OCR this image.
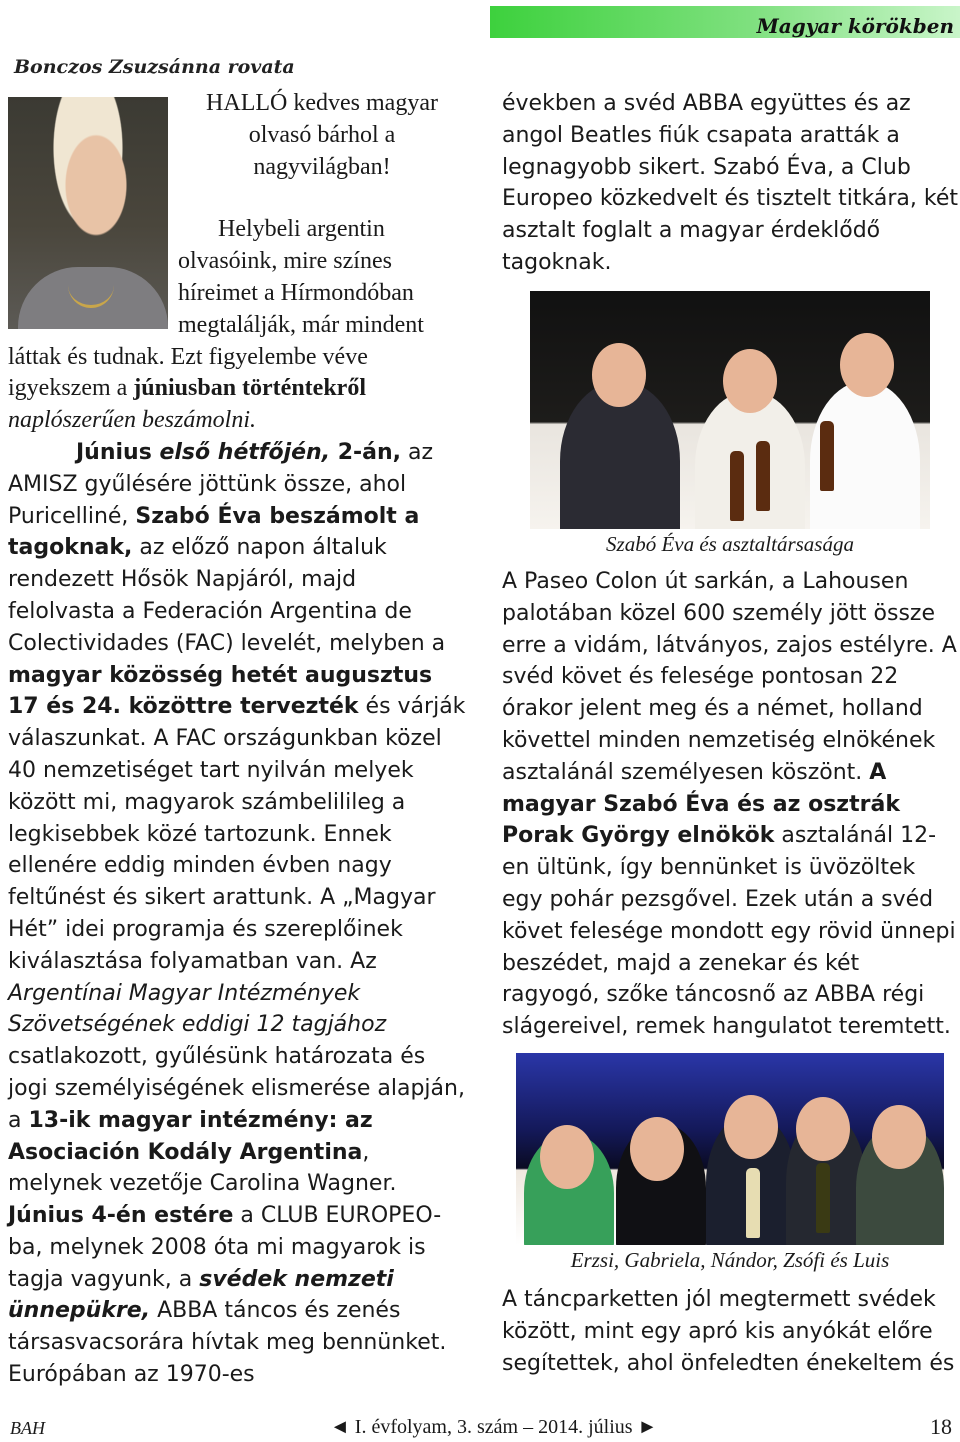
Magyar körökben
Bonczos Zsuzsánna rovata

HALLÓ kedves magyar olvasó bárhol a nagyvilágban!

Helybeli argentin olvasóink, mire színes híreimet a Hírmondóban megtalálják, már mindent láttak és tudnak. Ezt figyelembe véve igyekszem a júniusban történtekről naplószerűen beszámolni.

Június első hétfőjén, 2-án, az AMISZ gyűlésére jöttünk össze, ahol Puricelliné, Szabó Éva beszámolt a tagoknak, az előző napon általuk rendezett Hősök Napjáról, majd felolvasta a Federación Argentina de Colectividades (FAC) levelét, melyben a magyar közösség hetét augusztus 17 és 24. közöttre tervezték és várják válaszunkat. A FAC országunkban közel 40 nemzetiséget tart nyilván melyek között mi, magyarok számbelilileg a legkisebbek közé tartozunk. Ennek ellenére eddig minden évben nagy feltűnést és sikert arattunk. A „Magyar Hét” idei programja és szereplőinek kiválasztása folyamatban van. Az Argentínai Magyar Intézmények Szövetségének eddigi 12 tagjához csatlakozott, gyűlésünk határozata és jogi személyiségének elismerése alapján, a 13-ik magyar intézmény: az Asociación Kodály Argentina, melynek vezetője Carolina Wagner.

Június 4-én estére a CLUB EUROPEO-ba, melynek 2008 óta mi magyarok is tagja vagyunk, a svédek nemzeti ünnepükre, ABBA táncos és zenés társasvacsorára hívtak meg bennünket. Európában az 1970-es

években a svéd ABBA együttes és az angol Beatles fiúk csapata aratták a legnagyobb sikert. Szabó Éva, a Club Europeo közkedvelt és tisztelt titkára, két asztalt foglalt a magyar érdeklődő tagoknak.

Szabó Éva és asztaltársasága
A Paseo Colon út sarkán, a Lahousen palotában közel 600 személy jött össze erre a vidám, látványos, zajos estélyre. A svéd követ és felesége pontosan 22 órakor jelent meg és a német, holland követtel minden nemzetiség elnökének asztalánál személyesen köszönt. A magyar Szabó Éva és az osztrák Porak György elnökök asztalánál 12-en ültünk, így bennünket is üvözöltek egy pohár pezsgővel. Ezek után a svéd követ felesége mondott egy rövid ünnepi beszédet, majd a zenekar és két ragyogó, szőke táncosnő az ABBA régi slágereivel, remek hangulatot teremtett.
Erzsi, Gabriela, Nándor, Zsófi és Luis
A táncparketten jól megtermett svédek között, mint egy apró kis anyókát előre segítettek, ahol önfeledten énekeltem és
BAH	◄ I. évfolyam, 3. szám – 2014. július ►	18
